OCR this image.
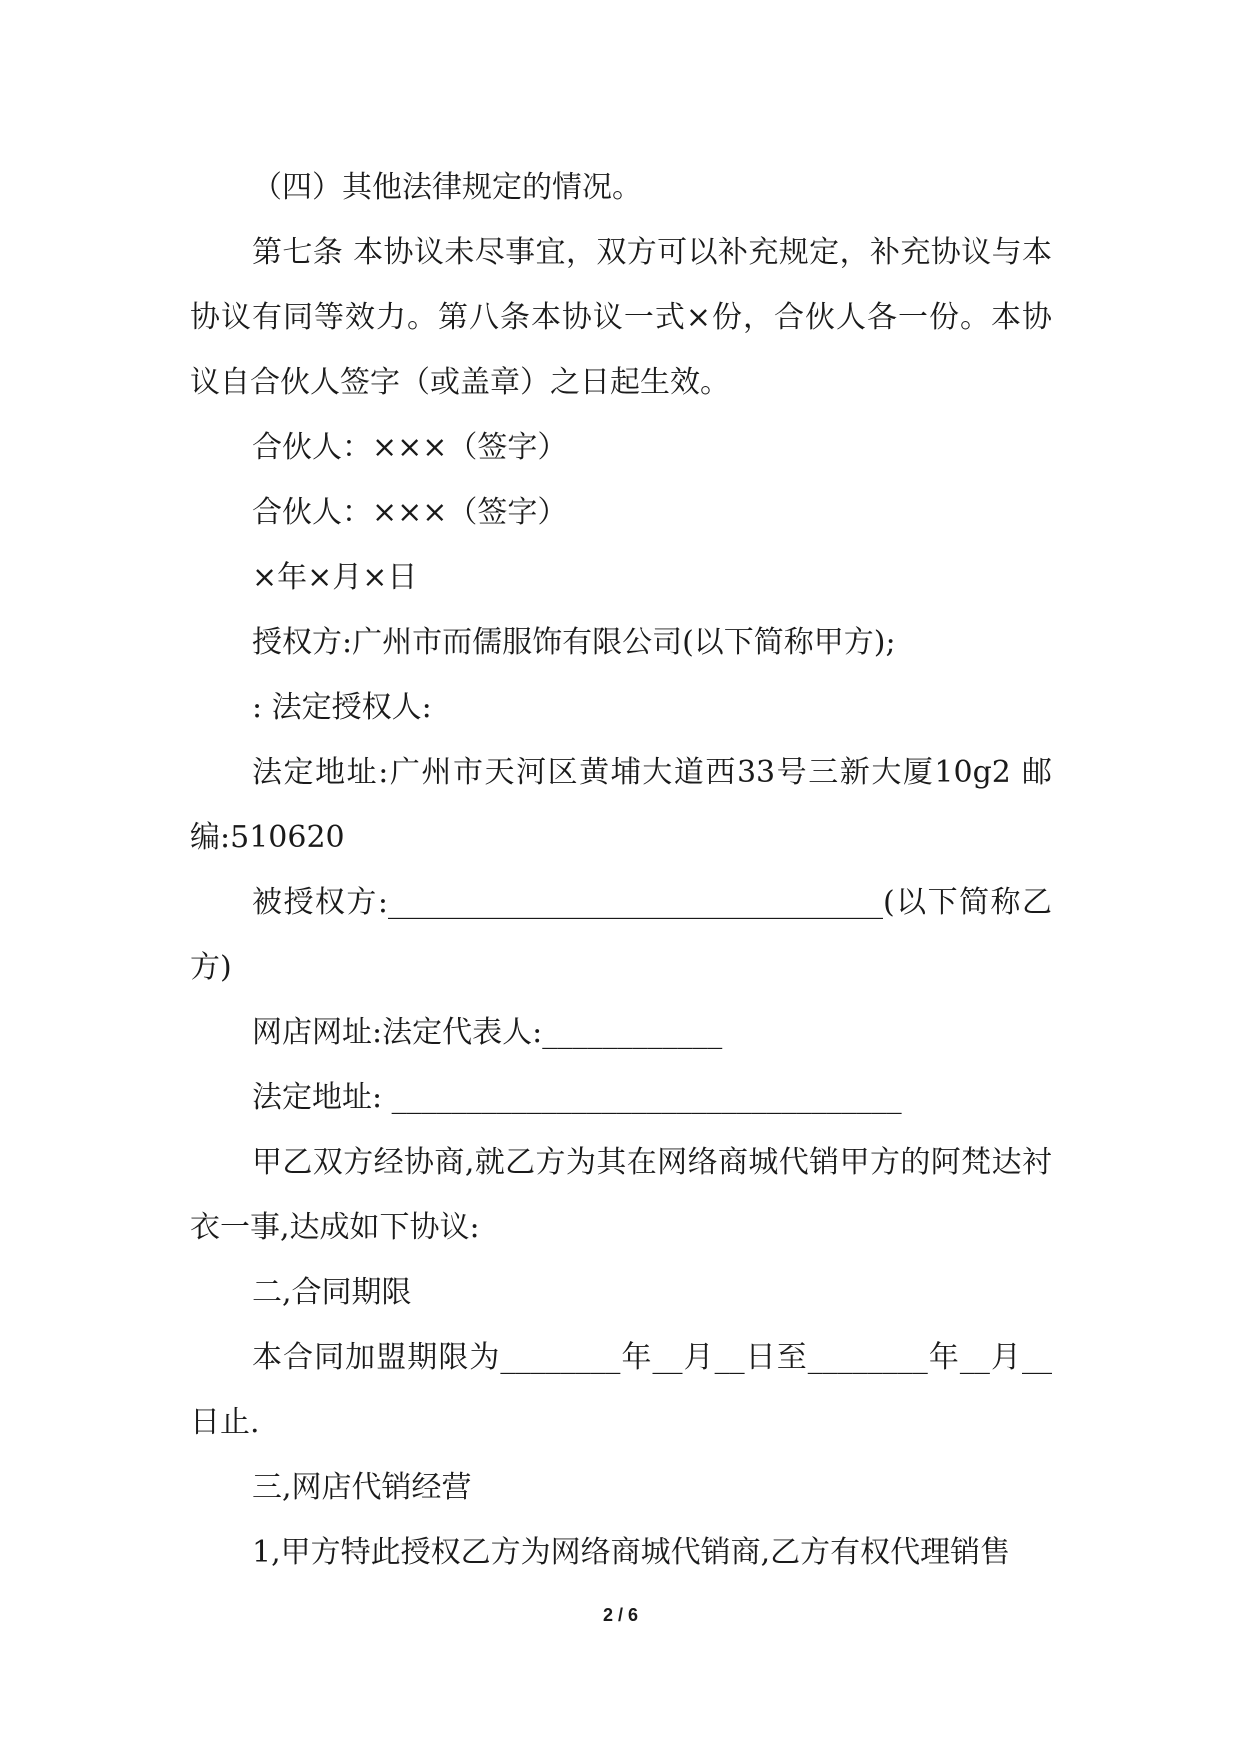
（四）其他法律规定的情况。

第七条 本协议未尽事宜，双方可以补充规定，补充协议与本协议有同等效力。第八条本协议一式×份，合伙人各一份。本协议自合伙人签字（或盖章）之日起生效。

合伙人：×××（签字）

合伙人：×××（签字）

×年×月×日

授权方:广州市而儒服饰有限公司(以下简称甲方);

: 法定授权人:

法定地址:广州市天河区黄埔大道西33号三新大厦10g2 邮编:510620

被授权方:_________________________________(以下简称乙方)

网店网址:法定代表人:____________

法定地址: __________________________________

甲乙双方经协商,就乙方为其在网络商城代销甲方的阿梵达衬衣一事,达成如下协议:

二,合同期限

本合同加盟期限为________年__月__日至________年__月__日止.

三,网店代销经营

1,甲方特此授权乙方为网络商城代销商,乙方有权代理销售

2 / 6
